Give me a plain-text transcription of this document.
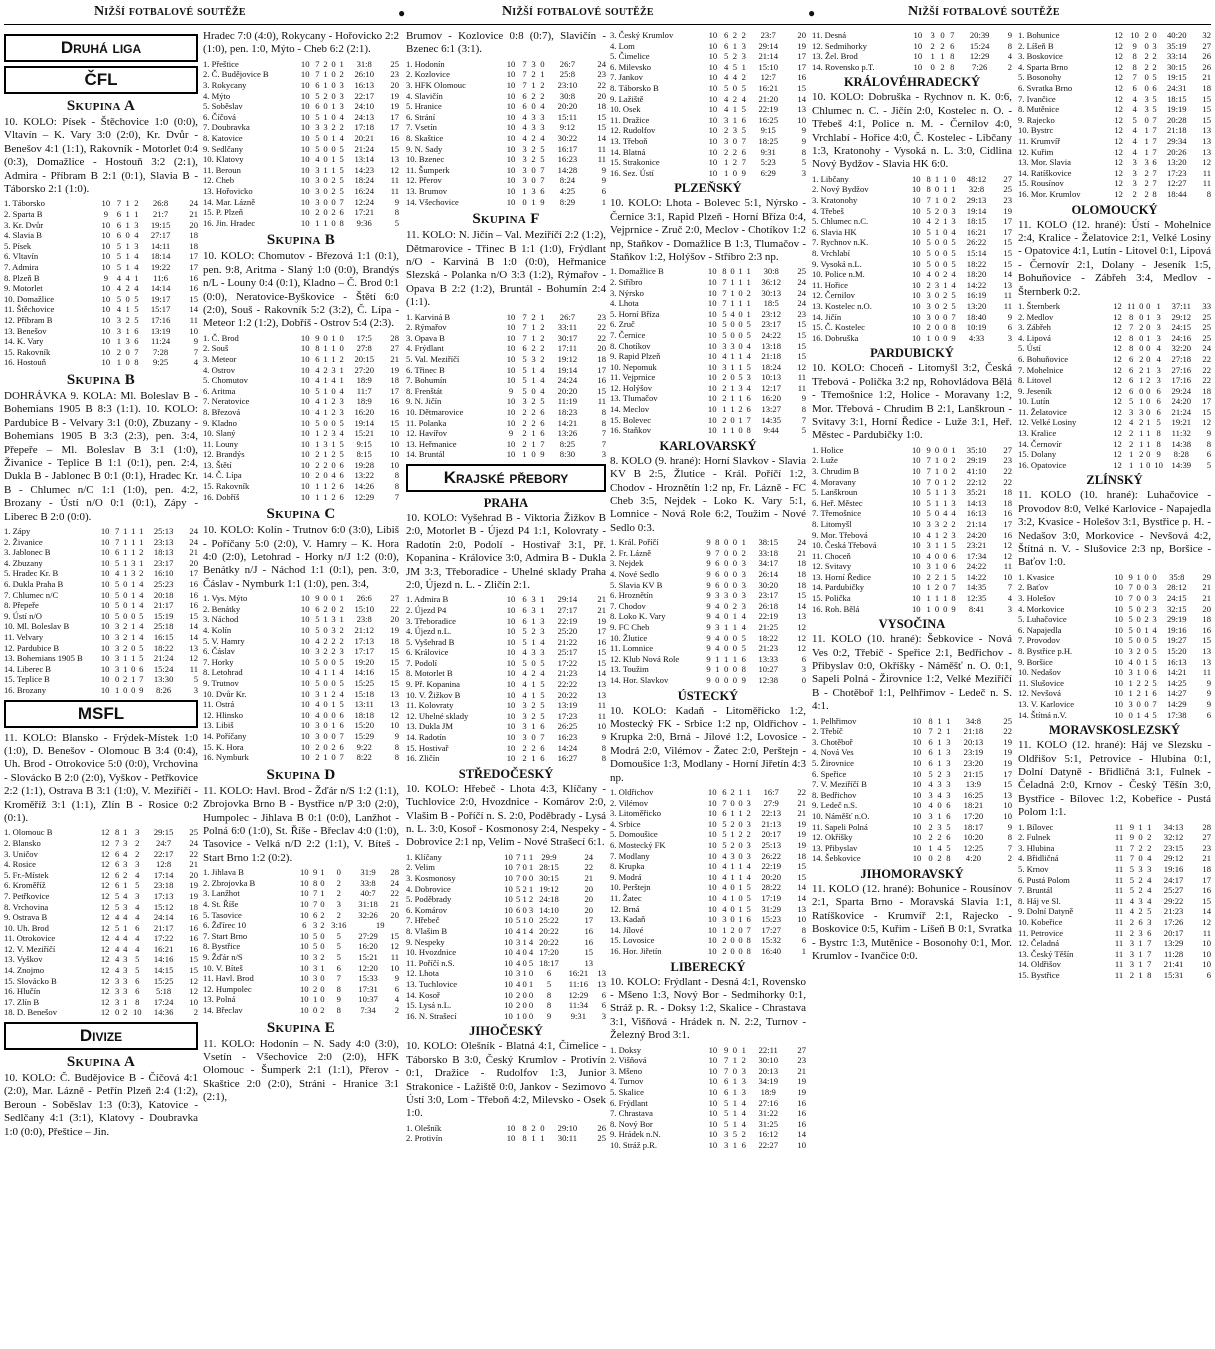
Nižší fotbalové soutěže	●	Nižší fotbalové soutěže	●	Nižší fotbalové soutěže
Druhá liga
ČFL
Skupina A
10. KOLO: Písek - Štěchovice 1:0 (0:0), Vltavín – K. Vary 3:0 (2:0), Kr. Dvůr - Benešov 4:1 (1:1), Rakovník - Motorlet 0:4 (0:3), Domažlice - Hostouň 3:2 (2:1), Admira - Příbram B 2:1 (0:1), Slavia B - Táborsko 2:1 (1:0).
1. Táborsko	10	7	1	2	26:8	24
2. Sparta B	9	6	1	1	21:7	21
3. Kr. Dvůr	10	6	1	3	19:15	20
4. Slavia B	10	6	0	4	27:17	18
5. Písek	10	5	1	3	14:11	18
6. Vltavín	10	5	1	4	18:14	17
7. Admira	10	5	1	4	19:22	17
8. Plzeň B	9	4	4	1	11:6	16
9. Motorlet	10	4	2	4	14:14	16
10. Domažlice	10	5	0	5	19:17	15
11. Štěchovice	10	4	1	5	15:17	14
12. Příbram B	10	3	2	5	17:16	11
13. Benešov	10	3	1	6	13:19	10
14. K. Vary	10	1	3	6	11:24	9
15. Rakovník	10	2	0	7	7:28	7
16. Hostouň	10	1	0	8	9:25	4
Skupina B
DOHRÁVKA 9. KOLA: Ml. Boleslav B - Bohemians 1905 B 8:3 (1:1). 10. KOLO: Pardubice B - Velvary 3:1 (0:0), Zbuzany - Bohemians 1905 B 3:3 (2:3), pen. 3:4, Přepeře – Ml. Boleslav B 3:1 (1:0), Živanice - Teplice B 1:1 (0:1), pen. 2:4, Dukla B - Jablonec B 0:1 (0:1), Hradec Kr. B - Chlumec n/C 1:1 (1:0), pen. 4:2, Brozany - Ústí n/O 0:1 (0:1), Zápy - Liberec B 2:0 (0:0).
1. Zápy	10	7	1	1	1	25:13	24
2. Živanice	10	7	1	1	1	23:13	24
3. Jablonec B	10	6	1	1	2	18:13	21
4. Zbuzany	10	5	1	3	1	23:17	20
5. Hradec Kr. B	10	4	1	3	2	16:10	17
6. Dukla Praha B	10	5	0	1	4	25:23	16
7. Chlumec n/C	10	5	0	1	4	20:18	16
8. Přepeře	10	5	0	1	4	21:17	16
9. Ústí n/O	10	5	0	0	5	15:19	15
10. Ml. Boleslav B	10	3	2	1	4	25:18	14
11. Velvary	10	3	2	1	4	16:15	14
12. Pardubice B	10	3	2	0	5	18:22	13
13. Bohemians 1905 B	10	3	1	1	5	21:24	12
14. Liberec B	10	3	1	0	6	15:24	11
15. Teplice B	10	0	2	1	7	13:30	5
16. Brozany	10	1	0	0	9	8:26	3
MSFL
11. KOLO: Blansko - Frýdek-Místek 1:0 (1:0), D. Benešov - Olomouc B 3:4 (0:4), Uh. Brod - Otrokovice 5:0 (0:0), Vrchovina - Slovácko B 2:0 (2:0), Vyškov - Petřkovice 2:2 (1:1), Ostrava B 3:1 (1:0), V. Meziříčí - Kroměříž 3:1 (1:1), Zlín B - Rosice 0:2 (0:1).
1. Olomouc B	12	8	1	3	29:15	25
2. Blansko	12	7	3	2	24:7	24
3. Uničov	12	6	4	2	22:17	22
4. Rosice	12	6	3	3	12:8	21
5. Fr.-Místek	12	6	2	4	17:14	20
6. Kroměříž	12	6	1	5	23:18	19
7. Petřkovice	12	5	4	3	17:13	19
8. Vrchovina	12	5	3	4	15:12	18
9. Ostrava B	12	4	4	4	24:14	16
10. Uh. Brod	12	5	1	6	21:17	16
11. Otrokovice	12	4	4	4	17:22	16
12. V. Meziříčí	12	4	4	4	16:21	16
13. Vyškov	12	4	3	5	14:16	15
14. Znojmo	12	4	3	5	14:15	15
15. Slovácko B	12	3	3	6	15:25	12
16. Hlučín	12	3	3	6	5:18	12
17. Zlín B	12	3	1	8	17:24	10
18. D. Benešov	12	0	2	10	14:36	2
Divize
Skupina A
10. KOLO: Č. Budějovice B - Číčová 4:1 (2:0), Mar. Lázně - Petřín Plzeň 2:4 (1:2), Beroun - Soběslav 1:3 (0:3), Katovice - Sedlčany 4:1 (3:1), Klatovy - Doubravka 1:0 (0:0), Přeštice – Jin.
Hradec 7:0 (4:0), Rokycany - Hořovicko 2:2 (1:0), pen. 1:0, Mýto - Cheb 6:2 (2:1).
1. Přeštice	10	7	2	0	1	31:8	25
2. Č. Budějovice B	10	7	1	0	2	26:10	23
3. Rokycany	10	6	1	0	3	16:13	20
4. Mýto	10	5	2	0	3	22:17	19
5. Soběslav	10	6	0	1	3	24:10	19
6. Číčová	10	5	1	0	4	24:13	17
7. Doubravka	10	3	3	2	2	17:18	17
8. Katovice	10	5	0	1	4	20:21	16
9. Sedlčany	10	5	0	0	5	21:24	15
10. Klatovy	10	4	0	1	5	13:14	13
11. Beroun	10	3	1	1	5	14:23	12
12. Cheb	10	3	0	2	5	18:24	11
13. Hořovicko	10	3	0	2	5	16:24	11
14. Mar. Lázně	10	3	0	0	7	12:24	9
15. P. Plzeň	10	2	0	2	6	17:21	8
16. Jin. Hradec	10	1	1	0	8	9:36	5
Skupina B
10. KOLO: Chomutov - Březová 1:1 (0:1), pen. 9:8, Aritma - Slaný 1:0 (0:0), Brandýs n/L - Louny 0:4 (0:1), Kladno – Č. Brod 0:1 (0:0), Neratovice-Byškovice - Štětí 6:0 (2:0), Souš - Rakovník 5:2 (3:2), Č. Lípa - Meteor 1:2 (1:2), Dobříš - Ostrov 5:4 (2:3).
1. Č. Brod	10	9	0	1	0	17:5	28
2. Souš	10	8	1	1	0	27:8	27
3. Meteor	10	6	1	1	2	20:15	21
4. Ostrov	10	4	2	3	1	27:20	19
5. Chomutov	10	4	1	4	1	18:9	18
6. Aritma	10	5	1	0	4	11:7	17
7. Neratovice	10	4	1	2	3	18:9	16
8. Březová	10	4	1	2	3	16:20	16
9. Kladno	10	5	0	0	5	19:14	15
10. Slaný	10	1	2	3	4	15:21	10
11. Louny	10	1	3	1	5	9:15	10
12. Brandýs	10	2	1	2	5	8:15	10
13. Štětí	10	2	2	0	6	19:28	10
14. Č. Lípa	10	2	0	4	6	13:22	8
15. Rakovník	10	1	1	2	6	14:26	8
16. Dobříš	10	1	1	2	6	12:29	7
Skupina C
10. KOLO: Kolín - Trutnov 6:0 (3:0), Libiš - Poříčany 5:0 (2:0), V. Hamry – K. Hora 4:0 (2:0), Letohrad - Horky n/J 1:2 (0:0), Benátky n/J - Náchod 1:1 (0:1), pen. 3:0, Čáslav - Nymburk 1:1 (1:0), pen. 3:4,
1. Vys. Mýto	10	9	0	0	1	26:6	27
2. Benátky	10	6	2	0	2	15:10	22
3. Náchod	10	5	1	3	1	23:8	20
4. Kolín	10	5	0	3	2	21:12	19
5. V. Hamry	10	4	2	2	2	17:13	18
6. Čáslav	10	3	2	2	3	17:17	15
7. Horky	10	5	0	0	5	19:20	15
8. Letohrad	10	4	1	1	4	14:16	15
9. Trutnov	10	5	0	0	5	15:25	15
10. Dvůr Kr.	10	3	1	2	4	15:18	13
11. Ostrá	10	4	0	1	5	13:11	13
12. Hlinsko	10	4	0	0	6	18:18	12
13. Libiš	10	3	0	1	6	15:20	10
14. Poříčany	10	3	0	0	7	15:29	9
15. K. Hora	10	2	0	2	6	9:22	8
16. Nymburk	10	2	1	0	7	8:22	8
Skupina D
11. KOLO: Havl. Brod - Žďár n/S 1:2 (1:1), Zbrojovka Brno B - Bystřice n/P 3:0 (2:0), Humpolec - Jihlava B 0:1 (0:0), Lanžhot - Polná 6:0 (1:0), St. Říše - Břeclav 4:0 (1:0), Tasovice - Velká n/D 2:2 (1:1), V. Bíteš - Start Brno 1:2 (0:2).
1. Jihlava B	10	9	1	0	31:9	28
2. Zbrojovka B	10	8	0	2	33:8	24
3. Lanžhot	10	7	1	2	40:7	22
4. St. Říše	10	7	0	3	31:18	21
5. Tasovice	10	6	2	2	32:26	20
6. Žďírec 10	6	3	2	3:16	19	
7. Start Brno	10	5	0	5	27:29	15
8. Bystřice	10	5	0	5	16:20	12
9. Žďár n/S	10	3	2	5	15:21	11
10. V. Bíteš	10	3	1	6	12:20	10
11. Havl. Brod	10	3	0	7	15:33	9
12. Humpolec	10	2	0	8	17:31	6
13. Polná	10	1	0	9	10:37	4
14. Břeclav	10	0	2	8	7:34	2
Skupina E
11. KOLO: Hodonín – N. Sady 4:0 (3:0), Vsetín - Všechovice 2:0 (2:0), HFK Olomouc - Šumperk 2:1 (1:1), Přerov - Skaštice 2:0 (2:0), Stráni - Hranice 3:1 (2:1),
Brumov - Kozlovice 0:8 (0:7), Slavičín - Bzenec 6:1 (3:1).
1. Hodonín	10	7	3	0	26:7	24
2. Kozlovice	10	7	2	1	25:8	23
3. HFK Olomouc	10	7	1	2	23:10	22
4. Slavičín	10	6	2	2	30:8	20
5. Hranice	10	6	0	4	20:20	18
6. Strání	10	4	3	3	15:11	15
7. Vsetín	10	4	3	3	9:12	15
8. Skaštice	10	4	2	4	30:22	14
9. N. Sady	10	3	2	5	16:17	11
10. Bzenec	10	3	2	5	16:23	11
11. Šumperk	10	3	0	7	14:28	9
12. Přerov	10	3	0	7	8:24	9
13. Brumov	10	1	3	6	4:25	6
14. Všechovice	10	0	1	9	8:29	1
Skupina F
11. KOLO: N. Jičín – Val. Meziříčí 2:2 (1:2), Dětmarovice - Třinec B 1:1 (1:0), Frýdlant n/O - Karviná B 1:0 (0:0), Heřmanice Slezská - Polanka n/O 3:3 (1:2), Rýmařov - Opava B 2:2 (1:2), Bruntál - Bohumín 2:4 (1:1).
1. Karviná B	10	7	2	1	26:7	23
2. Rýmařov	10	7	1	2	33:11	22
3. Opava B	10	7	1	2	30:17	22
4. Frýdlant	10	6	2	2	17:11	20
5. Val. Meziříčí	10	5	3	2	19:12	18
6. Třinec B	10	5	1	4	19:14	17
7. Bohumín	10	5	1	4	24:24	16
8. Frenštát	9	5	0	4	20:20	15
9. N. Jičín	10	3	2	5	11:19	11
10. Dětmarovice	10	2	2	6	18:23	8
11. Polanka	10	2	2	6	14:21	8
12. Havířov	9	2	1	6	13:26	7
13. Heřmanice	10	2	1	7	8:25	7
14. Bruntál	10	1	0	9	8:30	3
Krajské přebory
PRAHA
10. KOLO: Vyšehrad B - Viktoria Žižkov B 2:0, Motorlet B - Újezd P4 1:1, Kolovraty - Radotín 2:0, Podolí - Hostivař 3:1, Př. Kopanina - Královice 3:0, Admira B - Dukla JM 3:3, Třeboradice - Uhelné sklady Praha 2:0, Újezd n. L. - Zličín 2:1.
1. Admira B	10	6	3	1	29:14	21
2. Újezd P4	10	6	3	1	27:17	21
3. Třeboradice	10	6	1	3	22:19	19
4. Újezd n.L.	10	5	2	3	25:20	17
5. Vyšehrad B	10	5	1	4	21:22	16
6. Královice	10	4	3	3	25:17	15
7. Podolí	10	5	0	5	17:22	15
8. Motorlet B	10	4	2	4	21:23	14
9. Př. Kopanina	10	4	1	5	22:22	13
10. V. Žižkov B	10	4	1	5	20:22	13
11. Kolovraty	10	3	2	5	13:19	11
12. Uhelné sklady	10	3	2	5	17:23	11
13. Dukla JM	10	3	1	6	26:25	10
14. Radotín	10	3	0	7	16:23	9
15. Hostivař	10	2	2	6	14:24	8
16. Zličín	10	2	1	6	16:27	8
STŘEDOČESKÝ
10. KOLO: Hřebeč - Lhota 4:3, Klíčany - Tuchlovice 2:0, Hvozdnice - Komárov 2:0, Vlašim B - Poříčí n. S. 2:0, Poděbrady - Lysá n. L. 3:0, Kosoř - Kosmonosy 2:4, Nespeky - Dobrovice 2:1 np, Velim - Nové Strašecí 6:1.
1. Klíčany	10	7	1	1	29:9	24	
2. Velim	10	7	0	1	28:15	22	
3. Kosmonosy	10	7	0	0	30:15	21	
4. Dobrovice	10	5	2	1	19:12	20	
5. Poděbrady	10	5	1	2	24:18	20	
6. Komárov	10	6	0	3	14:10	20	
7. Hřebeč	10	5	1	0	25:22	17	
8. Vlašim B	10	4	1	4	20:22	16	
9. Nespeky	10	3	1	4	20:22	16	
10. Hvozdnice	10	4	0	4	17:20	15	
11. Poříčí n.S.	10	4	0	5	18:17	13	
12. Lhota	10	3	1	0	6	16:21	13
13. Tuchlovice	10	4	0	1	5	11:16	13
14. Kosoř	10	2	0	0	8	12:29	6
15. Lysá n.L.	10	2	0	0	8	11:34	6
16. N. Strašecí	10	1	0	0	9	9:31	3
JIHOČESKÝ
10. KOLO: Olešník - Blatná 4:1, Čimelice - Táborsko B 3:0, Český Krumlov - Protivín 0:1, Dražice - Rudolfov 1:3, Junior Strakonice - Lažiště 0:0, Jankov - Sezimovo Ústí 3:0, Lom - Třeboň 4:2, Milevsko - Osek 1:0.
1. Olešník	10	8	2	0	29:10	26
2. Protivín	10	8	1	1	30:11	25
3. Český Krumlov	10	6	2	2	23:7	20
4. Lom	10	6	1	3	29:14	19
5. Čimelice	10	5	2	3	21:14	17
6. Milevsko	10	4	5	1	15:10	17
7. Jankov	10	4	4	2	12:7	16
8. Táborsko B	10	5	0	5	16:21	15
9. Lažiště	10	4	2	4	21:20	14
10. Osek	10	4	1	5	22:19	13
11. Dražice	10	3	1	6	16:25	10
12. Rudolfov	10	2	3	5	9:15	9
13. Třeboň	10	3	0	7	18:25	9
14. Blatná	10	2	2	6	9:31	8
15. Strakonice	10	1	2	7	5:23	5
16. Sez. Ústí	10	1	0	9	6:29	3
PLZEŇSKÝ
10. KOLO: Lhota - Bolevec 5:1, Nýrsko - Černice 3:1, Rapid Plzeň - Horní Bříza 0:4, Vejprnice - Zruč 2:0, Meclov - Chotíkov 1:2 np, Staňkov - Domažlice B 1:3, Tlumačov - Staňkov 1:2, Holýšov - Stříbro 2:3 np.
1. Domažlice B	10	8	0	1	1	30:8	25
2. Stříbro	10	7	1	1	1	36:12	24
3. Nýrsko	10	7	1	0	2	30:13	24
4. Lhota	10	7	1	1	1	18:5	24
5. Horní Bříza	10	5	4	0	1	23:12	23
6. Zruč	10	5	0	0	5	23:17	15
7. Černice	10	5	0	0	5	24:22	15
8. Chotíkov	10	3	3	0	4	13:18	15
9. Rapid Plzeň	10	4	1	1	4	21:18	15
10. Nepomuk	10	3	1	1	5	18:24	12
11. Vejprnice	10	2	0	5	3	10:13	11
12. Holýšov	10	2	1	3	4	12:17	11
13. Tlumačov	10	2	1	1	6	16:20	9
14. Meclov	10	1	1	2	6	13:27	8
15. Bolevec	10	2	0	1	7	14:35	7
16. Staňkov	10	1	1	0	8	9:44	5
KARLOVARSKÝ
8. KOLO (9. hrané): Horní Slavkov - Slavia KV B 2:5, Žlutice - Král. Poříčí 1:2, Chodov - Hroznětín 1:2 np, Fr. Lázně - FC Cheb 3:5, Nejdek - Loko K. Vary 5:1, Lomnice - Nová Role 6:2, Toužim - Nové Sedlo 0:3.
1. Král. Poříčí	9	8	0	0	1	38:15	24
2. Fr. Lázně	9	7	0	0	2	33:18	21
3. Nejdek	9	6	0	0	3	34:17	18
4. Nové Sedlo	9	6	0	0	3	26:14	18
5. Slavia KV B	9	6	0	0	3	30:20	18
6. Hroznětín	9	3	3	0	3	23:17	15
7. Chodov	9	4	0	2	3	26:18	14
8. Loko K. Vary	9	4	0	1	4	22:19	13
9. FC Cheb	9	3	1	1	4	21:25	12
10. Žlutice	9	4	0	0	5	18:22	12
11. Lomnice	9	4	0	0	5	21:23	12
12. Klub Nová Role	9	1	1	1	6	13:33	6
13. Toužim	9	1	0	0	8	10:27	3
14. Hor. Slavkov	9	0	0	0	9	12:38	0
ÚSTECKÝ
10. KOLO: Kadaň - Litoměřicko 1:2, Mostecký FK - Srbice 1:2 np, Oldřichov - Krupka 2:0, Brná - Jílové 1:2, Lovosice - Modrá 2:0, Vilémov - Žatec 2:0, Perštejn - Domoušice 1:3, Modlany - Horní Jiřetín 4:3 np.
1. Oldřichov	10	6	2	1	1	16:7	22
2. Vilémov	10	7	0	0	3	27:9	21
3. Litoměřicko	10	6	1	1	2	22:13	21
4. Srbice	10	5	2	0	3	21:13	19
5. Domoušice	10	5	1	2	2	20:17	19
6. Mostecký FK	10	5	2	0	3	25:13	19
7. Modlany	10	4	3	0	3	26:22	18
8. Krupka	10	4	1	1	4	22:19	15
9. Modrá	10	4	1	1	4	20:20	15
10. Perštejn	10	4	0	1	5	28:22	14
11. Žatec	10	4	1	0	5	17:19	14
12. Brná	10	4	0	1	5	31:29	13
13. Kadaň	10	3	0	1	6	15:23	10
14. Jílové	10	1	2	0	7	17:27	8
15. Lovosice	10	2	0	0	8	15:32	6
16. Hor. Jiřetín	10	2	0	0	8	16:40	1
LIBERECKÝ
10. KOLO: Frýdlant - Desná 4:1, Rovensko - Mšeno 1:3, Nový Bor - Sedmihorky 0:1, Stráž p. R. - Doksy 1:2, Skalice - Chrastava 3:1, Višňová - Hrádek n. N. 2:2, Turnov - Železný Brod 3:1.
1. Doksy	10	9	0	1	22:11	27
2. Višňová	10	7	1	2	30:10	23
3. Mšeno	10	7	0	3	20:13	21
4. Turnov	10	6	1	3	34:19	19
5. Skalice	10	6	1	3	18:9	19
6. Frýdlant	10	5	1	4	27:16	16
7. Chrastava	10	5	1	4	31:22	16
8. Nový Bor	10	5	1	4	31:25	16
9. Hrádek n.N.	10	3	5	2	16:12	14
10. Stráž p.R.	10	3	1	6	22:27	10
11. Desná	10	3	0	7	20:39	9
12. Sedmihorky	10	2	2	6	15:24	8
13. Žel. Brod	10	1	1	8	12:29	4
14. Rovensko p.T.	10	0	2	8	7:26	2
KRÁLOVÉHRADECKÝ
10. KOLO: Dobruška - Rychnov n. K. 0:6, Chlumec n. C. - Jičín 2:0, Kostelec n. O. - Třebeš 4:1, Police n. M. - Černilov 4:0, Vrchlabí - Hořice 4:0, Č. Kostelec - Libčany 1:3, Kratonohy - Vysoká n. L. 3:0, Cidlina Nový Bydžov - Slavia HK 6:0.
1. Libčany	10	8	1	1	0	48:12	27
2. Nový Bydžov	10	8	0	1	1	32:8	25
3. Kratonohy	10	7	1	0	2	29:13	23
4. Třebeš	10	5	2	0	3	19:14	19
5. Chlumec n.C.	10	4	2	1	3	18:15	17
6. Slavia HK	10	5	1	0	4	16:21	17
7. Rychnov n.K.	10	5	0	0	5	26:22	15
8. Vrchlabí	10	5	0	0	5	15:14	15
9. Vysoká n.L.	10	5	0	0	5	18:22	15
10. Police n.M.	10	4	0	2	4	18:20	14
11. Hořice	10	2	3	1	4	14:22	13
12. Černilov	10	3	0	2	5	16:19	11
13. Kostelec n.O.	10	3	0	2	5	13:20	11
14. Jičín	10	3	0	0	7	18:40	9
15. Č. Kostelec	10	2	0	0	8	10:19	6
16. Dobruška	10	1	0	0	9	4:33	3
PARDUBICKÝ
10. KOLO: Choceň - Litomyšl 3:2, Česká Třebová - Polička 3:2 np, Rohovládova Bělá - Třemošnice 1:2, Holice - Moravany 1:2, Mor. Třebová - Chrudim B 2:1, Lanškroun - Svitavy 3:1, Horní Ředice - Luže 3:1, Heř. Městec - Pardubičky 1:0.
1. Holice	10	9	0	0	1	35:10	27
2. Luže	10	7	1	0	2	29:19	23
3. Chrudim B	10	7	1	0	2	41:10	22
4. Moravany	10	7	0	1	2	22:12	22
5. Lanškroun	10	5	1	1	3	35:21	18
6. Heř. Městec	10	5	1	1	3	14:13	18
7. Třemošnice	10	5	0	4	4	16:13	16
8. Litomyšl	10	3	3	2	2	21:14	17
9. Mor. Třebová	10	4	1	2	3	24:20	16
10. Česká Třebová	10	3	1	1	5	23:21	12
11. Choceň	10	4	0	0	6	17:34	12
12. Svitavy	10	3	1	0	6	24:22	11
13. Horní Ředice	10	2	2	1	5	14:22	10
14. Pardubičky	10	1	2	0	7	14:35	7
15. Polička	10	1	1	1	8	12:35	4
16. Roh. Bělá	10	1	0	0	9	8:41	3
VYSOČINA
11. KOLO (10. hrané): Šebkovice - Nová Ves 0:2, Třebíč - Speřice 2:1, Bedřichov - Přibyslav 0:0, Okříšky - Náměšť n. O. 0:1, Sapeli Polná - Žirovnice 1:2, Velké Meziříčí B - Chotěboř 1:1, Pelhřimov - Ledeč n. S. 4:1.
1. Pelhřimov	10	8	1	1	34:8	25
2. Třebíč	10	7	2	1	21:18	22
3. Chotěboř	10	6	1	3	20:13	19
4. Nová Ves	10	6	1	3	23:19	19
5. Žirovnice	10	6	1	3	23:20	19
6. Speřice	10	5	2	3	21:15	17
7. V. Meziříčí B	10	4	3	3	13:9	15
8. Bedřichov	10	3	4	3	16:25	13
9. Ledeč n.S.	10	4	0	6	18:21	10
10. Náměšť n.O.	10	3	1	6	17:20	10
11. Sapeli Polná	10	2	3	5	18:17	9
12. Okříšky	10	2	2	6	10:20	8
13. Přibyslav	10	1	4	5	12:25	7
14. Šebkovice	10	0	2	8	4:20	2
JIHOMORAVSKÝ
11. KOLO (12. hrané): Bohunice - Rousínov 2:1, Sparta Brno - Moravská Slavia 1:1, Ratíškovice - Krumvíř 2:1, Rajecko - Boskovice 0:5, Kuřim - Líšeň B 0:1, Svratka - Bystrc 1:3, Mutěnice - Bosonohy 0:1, Mor. Krumlov - Ivančice 0:0.
1. Bohunice	12	10	2	0	40:20	32
2. Líšeň B	12	9	0	3	35:19	27
3. Boskovice	12	8	2	2	33:14	26
4. Sparta Brno	12	8	2	2	30:15	26
5. Bosonohy	12	7	0	5	19:15	21
6. Svratka Brno	12	6	0	6	24:31	18
7. Ivančice	12	4	3	5	18:15	15
8. Mutěnice	12	4	3	5	19:19	15
9. Rajecko	12	5	0	7	20:28	15
10. Bystrc	12	4	1	7	21:18	13
11. Krumvíř	12	4	1	7	29:34	13
12. Kuřim	12	4	1	7	20:26	13
13. Mor. Slavia	12	3	3	6	13:20	12
14. Ratíškovice	12	3	2	7	17:23	11
15. Rousínov	12	3	2	7	12:27	11
16. Mor. Krumlov	12	2	2	8	18:44	8
OLOMOUCKÝ
11. KOLO (12. hrané): Ústí - Mohelnice 2:4, Kralice - Želatovice 2:1, Velké Losiny - Opatovice 4:1, Lutín - Litovel 0:1, Lipová - Černovír 2:1, Dolany - Jeseník 1:5, Bohuňovice - Zábřeh 3:4, Medlov - Šternberk 0:2.
1. Šternberk	12	11	0	0	1	37:11	33
2. Medlov	12	8	0	1	3	29:12	25
3. Zábřeh	12	7	2	0	3	24:15	25
4. Lipová	12	8	0	1	3	24:16	25
5. Ústí	12	8	0	0	4	32:20	24
6. Bohuňovice	12	6	2	0	4	27:18	22
7. Mohelnice	12	6	2	1	3	27:16	22
8. Litovel	12	6	1	2	3	17:16	22
9. Jeseník	12	6	0	0	6	29:24	18
10. Lutín	12	5	1	0	6	24:20	17
11. Želatovice	12	3	3	0	6	21:24	15
12. Velké Losiny	12	4	2	1	5	19:21	12
13. Kralice	12	2	1	1	8	11:32	9
14. Černovír	12	2	1	1	8	14:38	8
15. Dolany	12	1	2	0	9	8:28	6
16. Opatovice	12	1	1	0	10	14:39	5
ZLÍNSKÝ
11. KOLO (10. hrané): Luhačovice - Provodov 8:0, Velké Karlovice - Napajedla 3:2, Kvasice - Holešov 3:1, Bystřice p. H. - Nedašov 3:0, Morkovice - Nevšová 4:2, Štítná n. V. - Slušovice 2:3 np, Boršice - Baťov 1:0.
1. Kvasice	10	9	1	0	0	35:8	29
2. Baťov	10	7	0	0	3	28:12	21
3. Holešov	10	7	0	0	3	24:15	21
4. Morkovice	10	5	0	2	3	32:15	20
5. Luhačovice	10	5	0	2	3	29:19	18
6. Napajedla	10	5	0	1	4	19:16	16
7. Provodov	10	5	0	0	5	19:27	15
8. Bystřice p.H.	10	3	2	0	5	15:20	13
9. Boršice	10	4	0	1	5	16:13	13
10. Nedašov	10	3	1	0	6	14:21	11
11. Slušovice	10	1	2	2	5	14:25	9
12. Nevšová	10	1	2	1	6	14:27	9
13. V. Karlovice	10	3	0	0	7	14:29	9
14. Štítná n.V.	10	0	1	4	5	17:38	6
MORAVSKOSLEZSKÝ
11. KOLO (12. hrané): Háj ve Slezsku - Oldřišov 5:1, Petrovice - Hlubina 0:1, Dolní Datyně - Břidličná 3:1, Fulnek - Čeladná 2:0, Krnov - Český Těšín 3:0, Bystřice - Bílovec 1:2, Kobeřice - Pustá Polom 1:1.
1. Bílovec	11	9	1	1	34:13	28
2. Fulnek	11	9	0	2	32:12	27
3. Hlubina	11	7	2	2	23:15	23
4. Břidličná	11	7	0	4	29:12	21
5. Krnov	11	5	3	3	19:16	18
6. Pustá Polom	11	5	2	4	24:17	17
7. Bruntál	11	5	2	4	25:27	16
8. Háj ve Sl.	11	4	3	4	29:22	15
9. Dolní Datyně	11	4	2	5	21:23	14
10. Kobeřice	11	2	6	3	17:26	12
11. Petrovice	11	2	3	6	20:17	11
12. Čeladná	11	3	1	7	13:29	10
13. Český Těšín	11	3	1	7	11:28	10
14. Oldřišov	11	3	1	7	21:41	10
15. Bystřice	11	2	1	8	15:31	6
